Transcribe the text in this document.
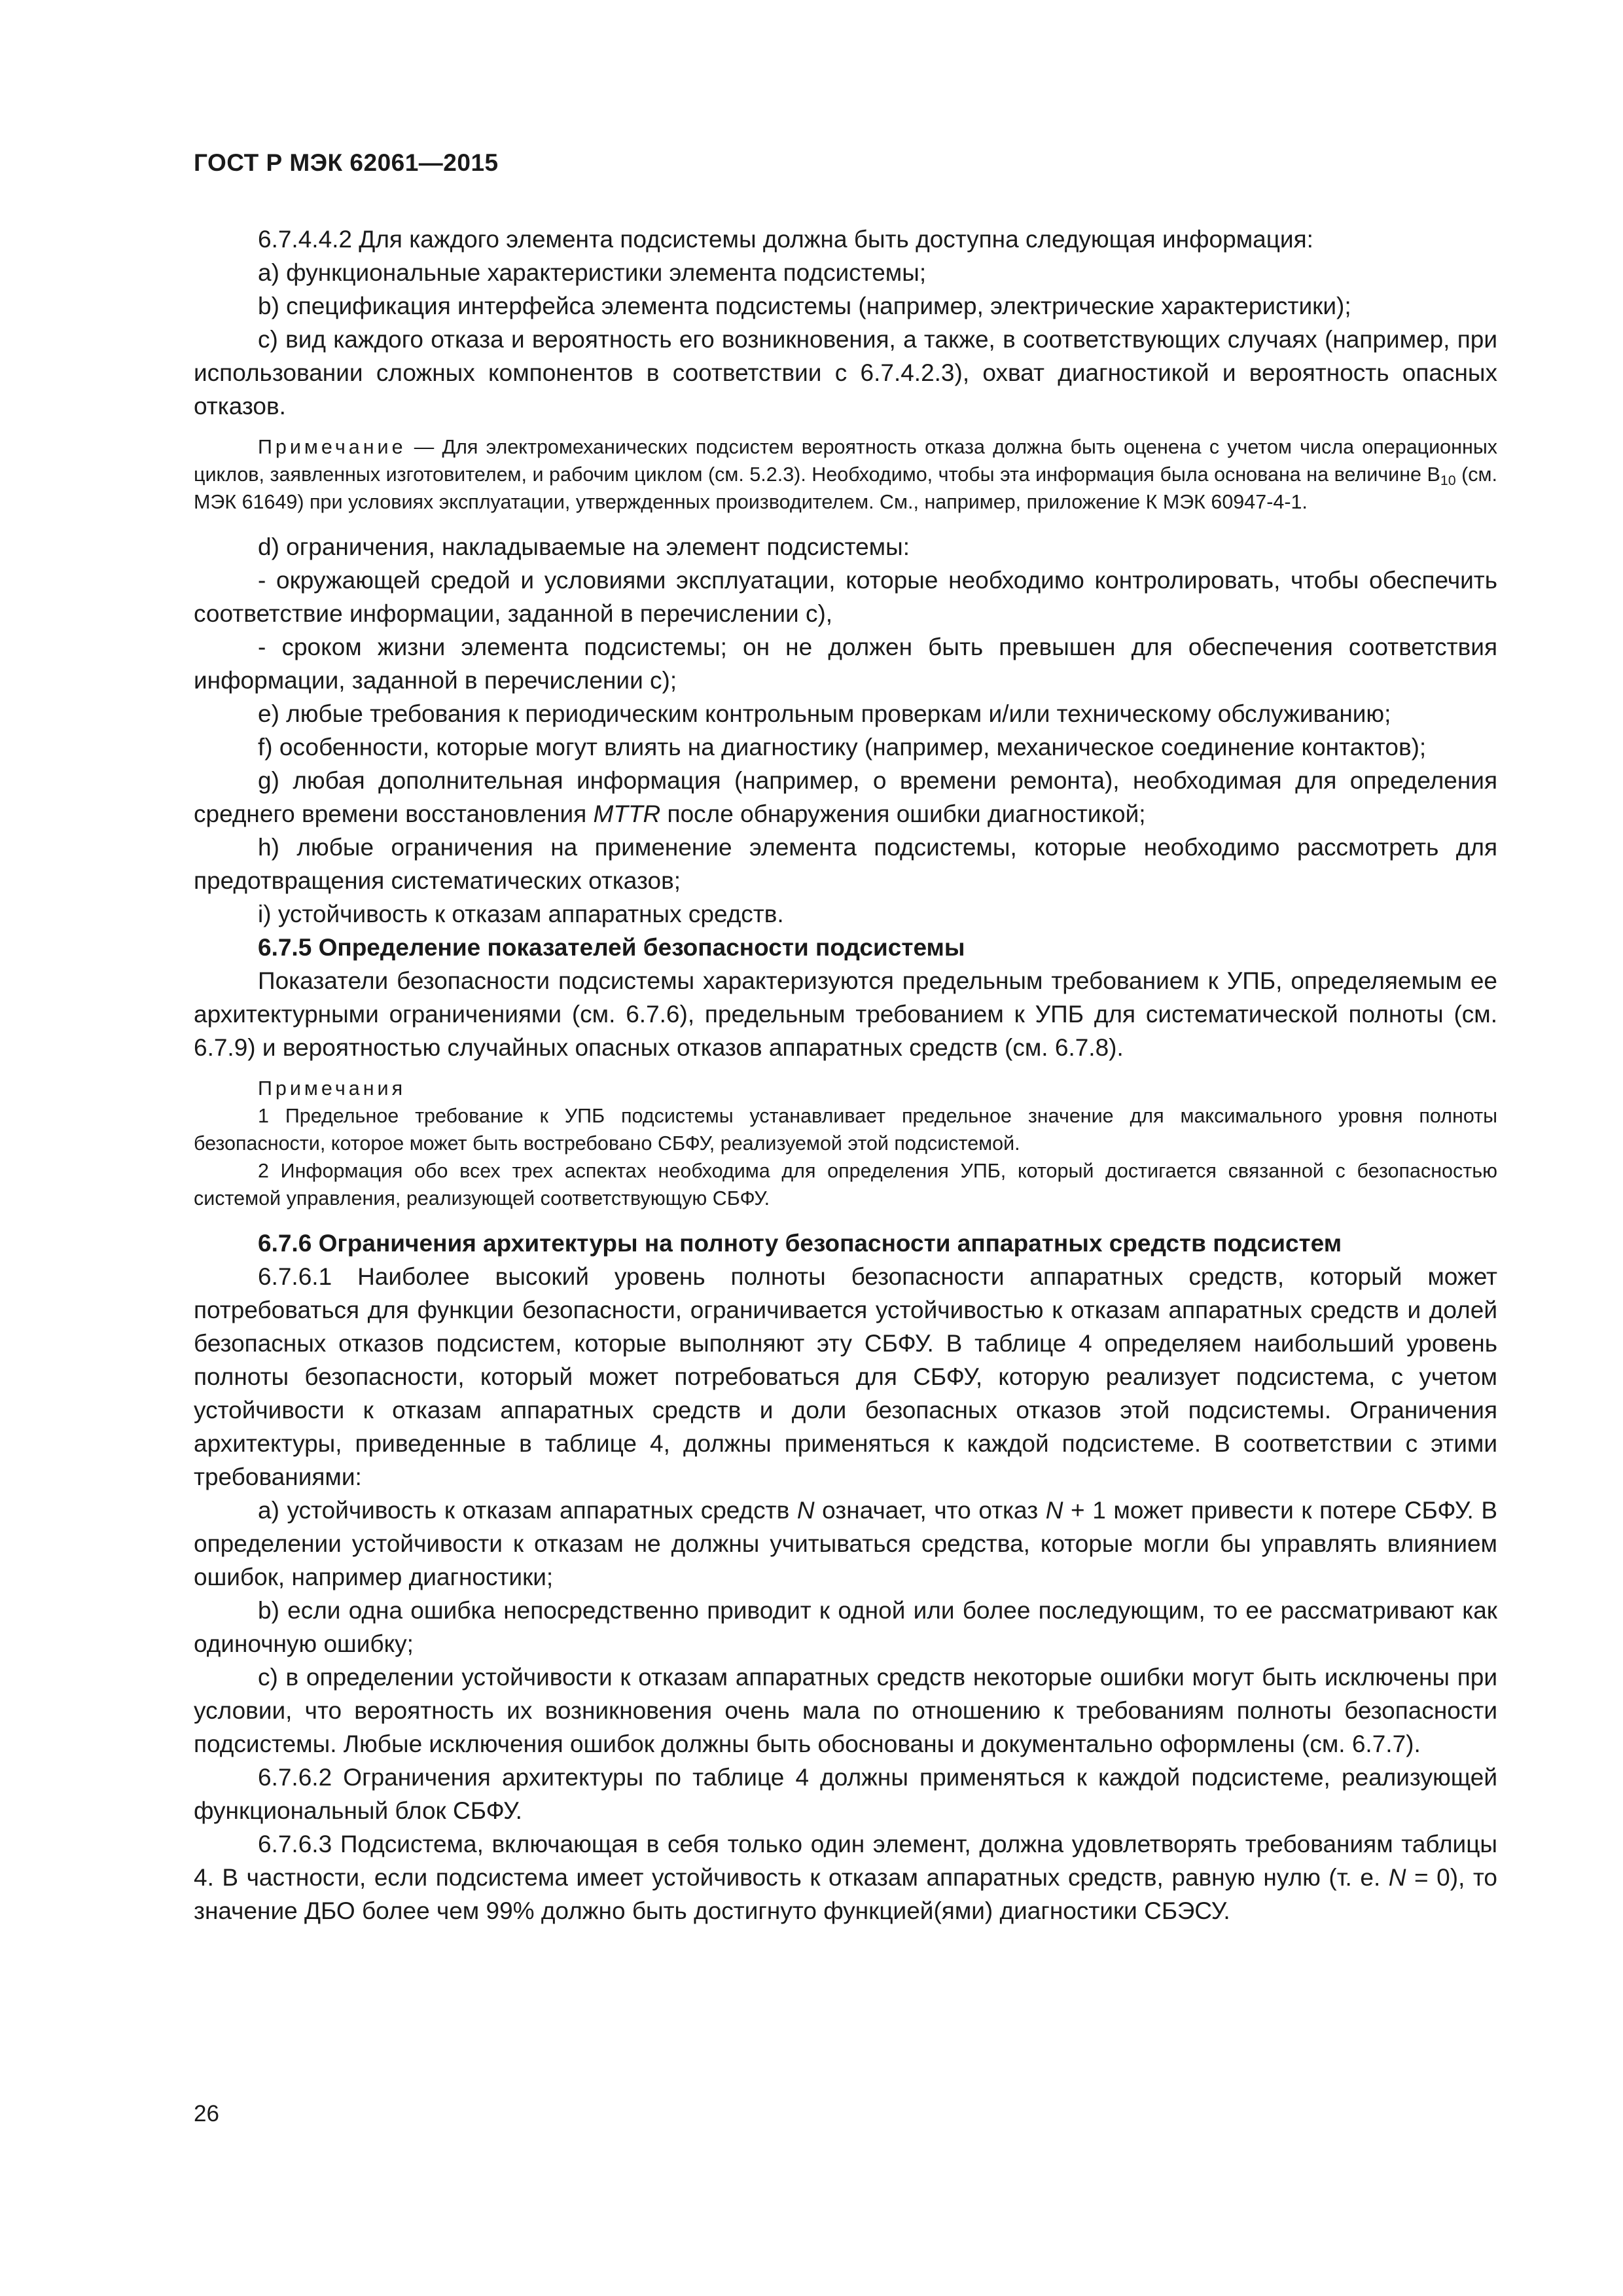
ГОСТ Р МЭК 62061—2015

6.7.4.4.2 Для каждого элемента подсистемы должна быть доступна следующая информация:

а) функциональные характеристики элемента подсистемы;

b) спецификация интерфейса элемента подсистемы (например, электрические характеристики);

с) вид каждого отказа и вероятность его возникновения, а также, в соответствующих случаях (например, при использовании сложных компонентов в соответствии с 6.7.4.2.3), охват диагностикой и вероятность опасных отказов.

Примечание — Для электромеханических подсистем вероятность отказа должна быть оценена с учетом числа операционных циклов, заявленных изготовителем, и рабочим циклом (см. 5.2.3). Необходимо, чтобы эта информация была основана на величине $B_{10}$ (см. МЭК 61649) при условиях эксплуатации, утвержденных производителем. См., например, приложение К МЭК 60947-4-1.

d) ограничения, накладываемые на элемент подсистемы:

- окружающей средой и условиями эксплуатации, которые необходимо контролировать, чтобы обеспечить соответствие информации, заданной в перечислении с),

- сроком жизни элемента подсистемы; он не должен быть превышен для обеспечения соответствия информации, заданной в перечислении с);

е) любые требования к периодическим контрольным проверкам и/или техническому обслуживанию;

f) особенности, которые могут влиять на диагностику (например, механическое соединение контактов);

g) любая дополнительная информация (например, о времени ремонта), необходимая для определения среднего времени восстановления MTTR после обнаружения ошибки диагностикой;

h) любые ограничения на применение элемента подсистемы, которые необходимо рассмотреть для предотвращения систематических отказов;

i) устойчивость к отказам аппаратных средств.

6.7.5 Определение показателей безопасности подсистемы

Показатели безопасности подсистемы характеризуются предельным требованием к УПБ, определяемым ее архитектурными ограничениями (см. 6.7.6), предельным требованием к УПБ для систематической полноты (см. 6.7.9) и вероятностью случайных опасных отказов аппаратных средств (см. 6.7.8).

Примечания

1 Предельное требование к УПБ подсистемы устанавливает предельное значение для максимального уровня полноты безопасности, которое может быть востребовано СБФУ, реализуемой этой подсистемой.

2 Информация обо всех трех аспектах необходима для определения УПБ, который достигается связанной с безопасностью системой управления, реализующей соответствующую СБФУ.

6.7.6 Ограничения архитектуры на полноту безопасности аппаратных средств подсистем

6.7.6.1 Наиболее высокий уровень полноты безопасности аппаратных средств, который может потребоваться для функции безопасности, ограничивается устойчивостью к отказам аппаратных средств и долей безопасных отказов подсистем, которые выполняют эту СБФУ. В таблице 4 определяем наибольший уровень полноты безопасности, который может потребоваться для СБФУ, которую реализует подсистема, с учетом устойчивости к отказам аппаратных средств и доли безопасных отказов этой подсистемы. Ограничения архитектуры, приведенные в таблице 4, должны применяться к каждой подсистеме. В соответствии с этими требованиями:

а) устойчивость к отказам аппаратных средств N означает, что отказ N + 1 может привести к потере СБФУ. В определении устойчивости к отказам не должны учитываться средства, которые могли бы управлять влиянием ошибок, например диагностики;

b) если одна ошибка непосредственно приводит к одной или более последующим, то ее рассматривают как одиночную ошибку;

с) в определении устойчивости к отказам аппаратных средств некоторые ошибки могут быть исключены при условии, что вероятность их возникновения очень мала по отношению к требованиям полноты безопасности подсистемы. Любые исключения ошибок должны быть обоснованы и документально оформлены (см. 6.7.7).

6.7.6.2 Ограничения архитектуры по таблице 4 должны применяться к каждой подсистеме, реализующей функциональный блок СБФУ.

6.7.6.3 Подсистема, включающая в себя только один элемент, должна удовлетворять требованиям таблицы 4. В частности, если подсистема имеет устойчивость к отказам аппаратных средств, равную нулю (т. е. N = 0), то значение ДБО более чем 99% должно быть достигнуто функцией(ями) диагностики СБЭСУ.

26
